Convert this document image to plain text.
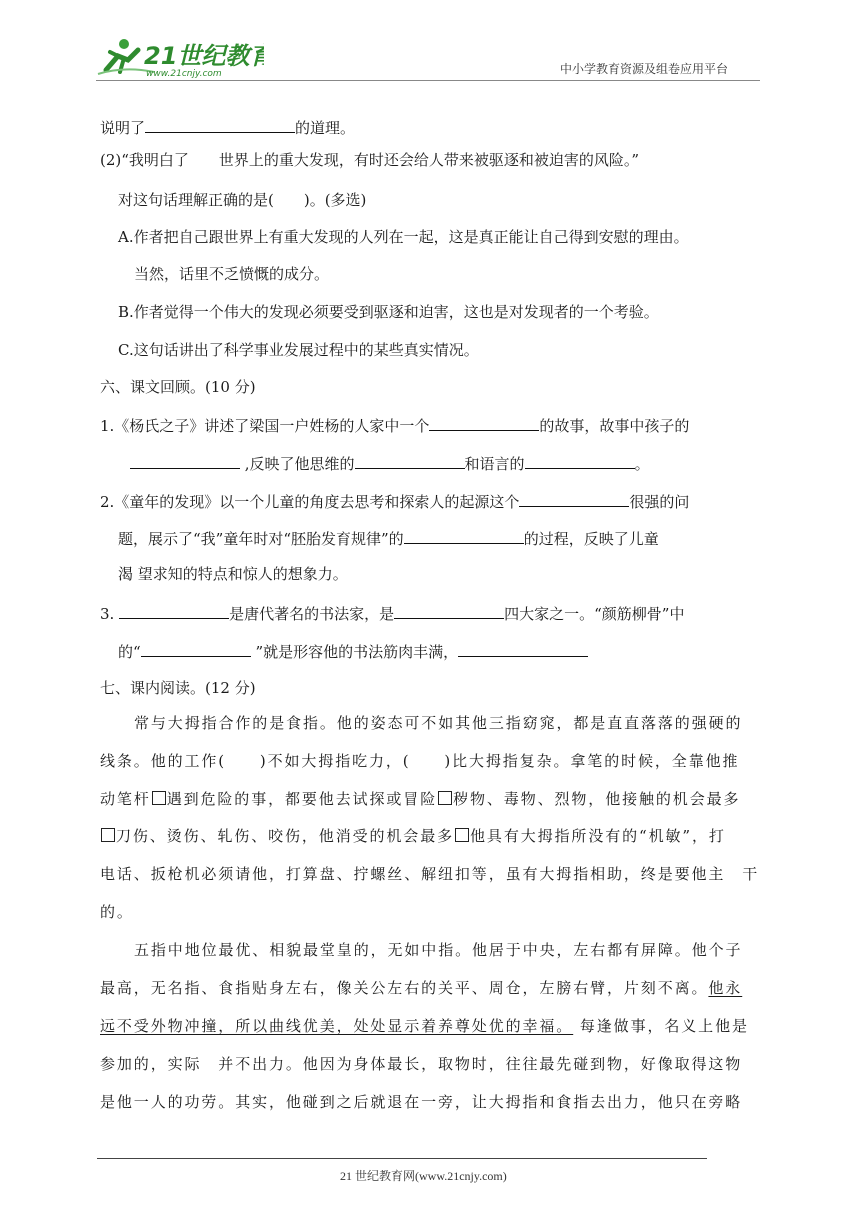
21世纪教育
www.21cnjy.com	中小学教育资源及组卷应用平台
说明了	的道理。
(2)“我明白了　　世界上的重大发现，有时还会给人带来被驱逐和被迫害的风险。”
对这句话理解正确的是(　　)。(多选)
A.作者把自己跟世界上有重大发现的人列在一起，这是真正能让自己得到安慰的理由。
当然，话里不乏愤慨的成分。
B.作者觉得一个伟大的发现必须要受到驱逐和迫害，这也是对发现者的一个考验。
C.这句话讲出了科学事业发展过程中的某些真实情况。
六、课文回顾。(10 分)
1.《杨氏之子》讲述了梁国一户姓杨的人家中一个	的故事，故事中孩子的
,反映了他思维的	和语言的	。
2.《童年的发现》以一个儿童的角度去思考和探索人的起源这个	很强的问
题，展示了“我”童年时对“胚胎发育规律”的	的过程，反映了儿童
渴 望求知的特点和惊人的想象力。
3.	是唐代著名的书法家，是	四大家之一。“颜筋柳骨”中
的“	”就是形容他的书法筋肉丰满，
七、课内阅读。(12 分)
常与大拇指合作的是食指。他的姿态可不如其他三指窈窕，都是直直落落的强硬的
线条。他的工作(　　)不如大拇指吃力，(　　)比大拇指复杂。拿笔的时候，全靠他推
动笔杆 遇到危险的事，都要他去试探或冒险 秽物、毒物、烈物，他接触的机会最多
刀伤、烫伤、轧伤、咬伤，他消受的机会最多 他具有大拇指所没有的“机敏”，打
电话、扳枪机必须请他，打算盘、拧螺丝、解纽扣等，虽有大拇指相助，终是要他主　干
的。
五指中地位最优、相貌最堂皇的，无如中指。他居于中央，左右都有屏障。他个子
最高，无名指、食指贴身左右，像关公左右的关平、周仓，左膀右臂，片刻不离。他永
远不受外物冲撞，所以曲线优美，处处显示着养尊处优的幸福。 每逢做事，名义上他是
参加的，实际　并不出力。他因为身体最长，取物时，往往最先碰到物，好像取得这物
是他一人的功劳。其实，他碰到之后就退在一旁，让大拇指和食指去出力，他只在旁略
21 世纪教育网(www.21cnjy.com)
